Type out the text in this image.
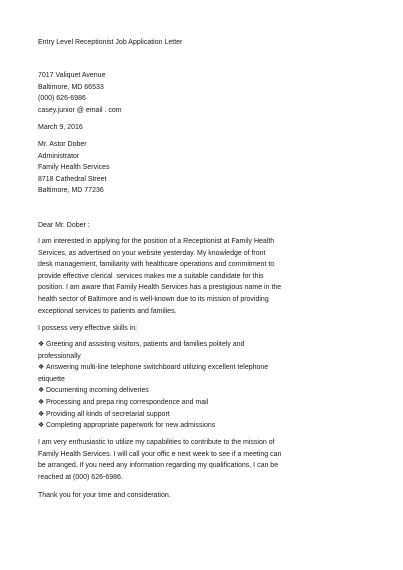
Entry Level Receptionist Job Application Letter
7017 Valiquet Avenue
Baltimore, MD 66533
(000) 626-6986
casey.junior @ email . com
March 9, 2016
Mr. Astor Dober
Administrator
Family Health Services
8718 Cathedral Street
Baltimore, MD 77236
Dear Mr. Dober :
I am interested in applying for the position of a Receptionist at Family Health
Services, as advertised on your website yesterday. My knowledge of front
desk management, familiarity with healthcare operations and commitment to
provide effective clerical  services makes me a suitable candidate for this
position. I am aware that Family Health Services has a prestigious name in the
health sector of Baltimore and is well-known due to its mission of providing
exceptional services to patients and families.
I possess very effective skills in:
❖ Greeting and assisting visitors, patients and families politely and
professionally
❖ Answering multi-line telephone switchboard utilizing excellent telephone
etiquette
❖ Documenting incoming deliveries
❖ Processing and prepa ring correspondence and mail
❖ Providing all kinds of secretarial support
❖ Completing appropriate paperwork for new admissions
I am very enthusiastic to utilize my capabilities to contribute to the mission of
Family Health Services. I will call your offic e next week to see if a meeting can
be arranged. If you need any information regarding my qualifications, I can be
reached at (000) 626-6986.
Thank you for your time and consideration.
